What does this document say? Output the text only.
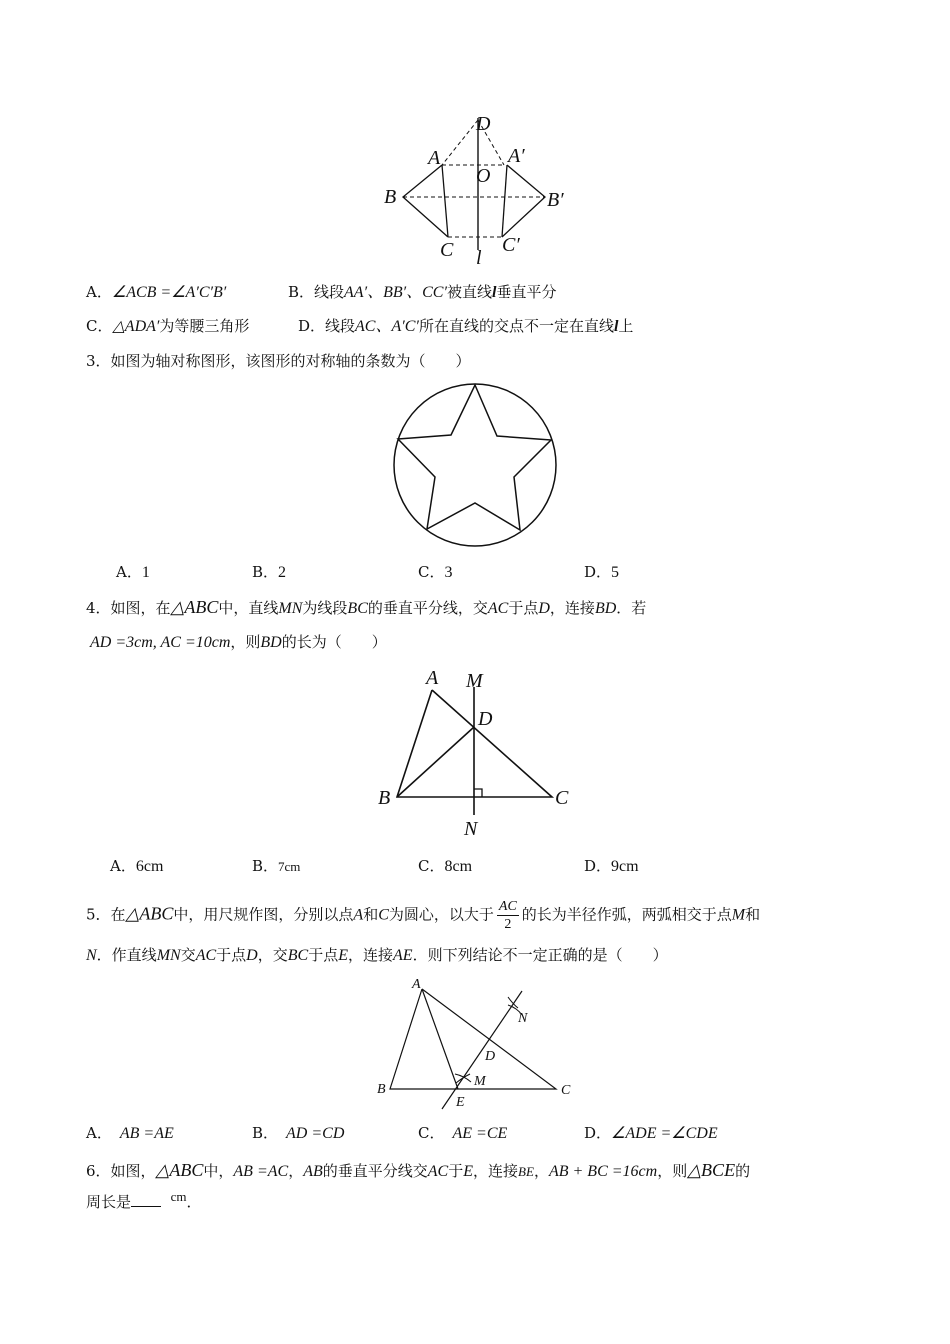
D
A	A′
O
B	B′
C C′
l
A．∠ACB =∠A′C′B′	B．线段AA′、BB′、CC′被直线l垂直平分
C．△ADA′为等腰三角形	D．线段AC、A′C′所在直线的交点不一定在直线l上
3．如图为轴对称图形，该图形的对称轴的条数为（　　）
A．1	B．2	C．3	D．5
4．如图，在△ABC中，直线MN为线段BC的垂直平分线，交AC于点D，连接BD．若
AD =3cm, AC =10cm，则BD的长为（　　）
A M
D
B	C
N
A．6cm	B．7cm	C．8cm	D．9cm
5．在△ABC中，用尺规作图，分别以点A和C为圆心，以大于 $\frac{AC}{2}$ 的长为半径作弧，两弧相交于点M和
N．作直线MN交AC于点D，交BC于点E，连接AE．则下列结论不一定正确的是（　　）
A
N
D
M
B
E
C
A． AB =AE	B． AD =CD	C． AE =CE	D．∠ADE =∠CDE
6．如图，△ABC中，AB =AC，AB的垂直平分线交AC于E，连接BE，AB + BC =16cm，则△BCE的
周长是	cm．
